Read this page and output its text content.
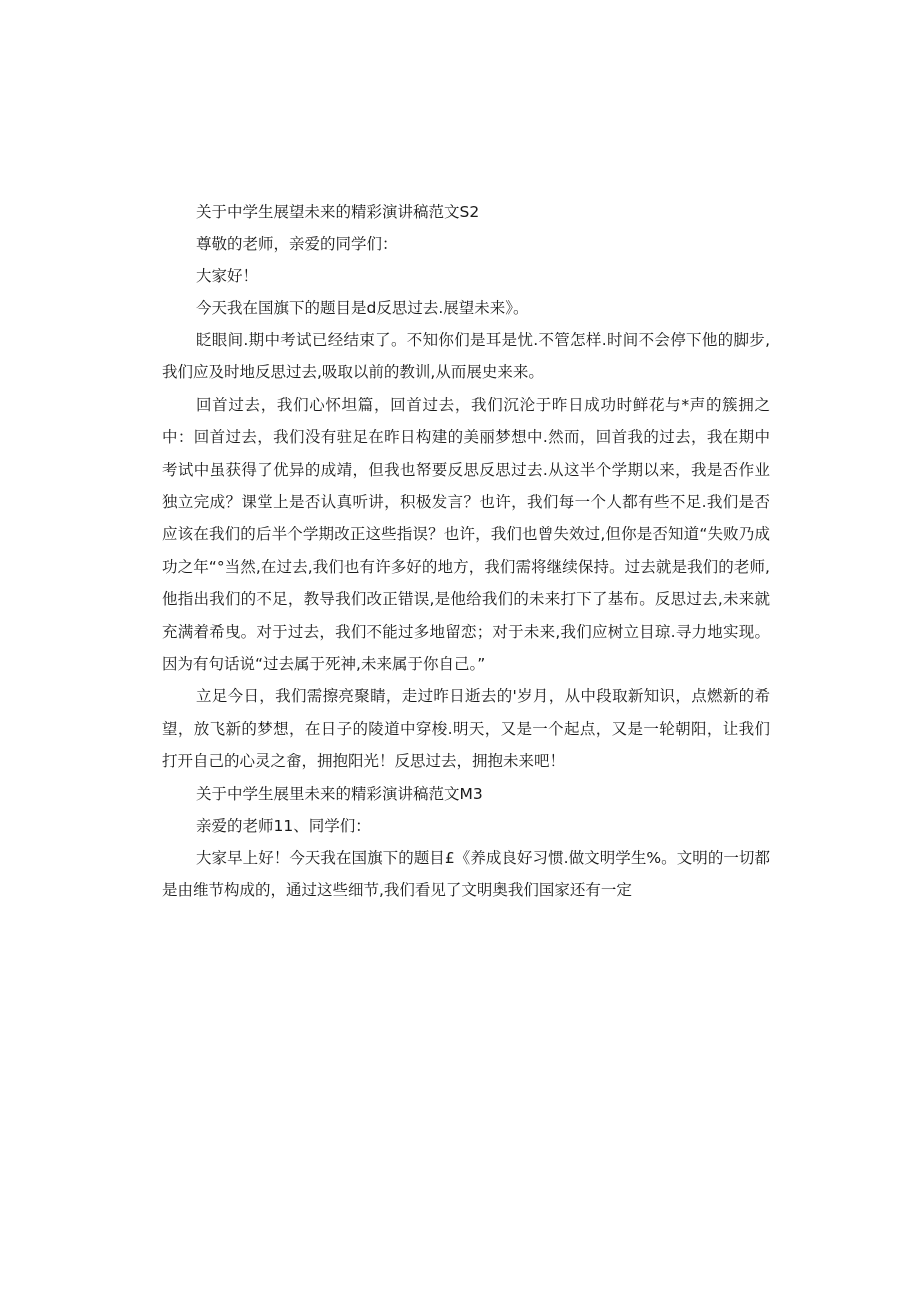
关于中学生展望未来的精彩演讲稿范文S2

尊敬的老师，亲爱的同学们：

大家好！

今天我在国旗下的题目是d反思过去.展望未来》。

眨眼间.期中考试已经结束了。不知你们是耳是忧.不管怎样.时间不会停下他的脚步,我们应及时地反思过去,吸取以前的教训,从而展史来来。

回首过去，我们心怀坦篇，回首过去，我们沉沦于昨日成功时鲜花与*声的簇拥之中：回首过去，我们没有驻足在昨日构建的美丽梦想中.然而，回首我的过去，我在期中考试中虽获得了优异的成靖，但我也帑要反思反思过去.从这半个学期以来，我是否作业独立完成？课堂上是否认真听讲，积极发言？也许，我们每一个人都有些不足.我们是否应该在我们的后半个学期改正这些指误？也许，我们也曾失效过,但你是否知道“失败乃成功之年“°当然,在过去,我们也有许多好的地方，我们需将继续保持。过去就是我们的老师,他指出我们的不足，教导我们改正错误,是他给我们的未来打下了基布。反思过去,未来就充满着希曳。对于过去，我们不能过多地留恋；对于未来,我们应树立目琼.寻力地实现。因为有句话说“过去属于死神,未来属于你自己。”

立足今日，我们需擦亮聚睛，走过昨日逝去的'岁月，从中段取新知识，点燃新的希望，放飞新的梦想，在日子的陵道中穿梭.明天，又是一个起点，又是一轮朝阳，让我们打开自己的心灵之畲，拥抱阳光！反思过去，拥抱未来吧！

关于中学生展里未来的精彩演讲稿范文M3

亲爱的老师11、同学们：

大家早上好！今天我在国旗下的题目£《养成良好习惯.做文明学生%。文明的一切都是由维节构成的，通过这些细节,我们看见了文明奥我们国家还有一定
